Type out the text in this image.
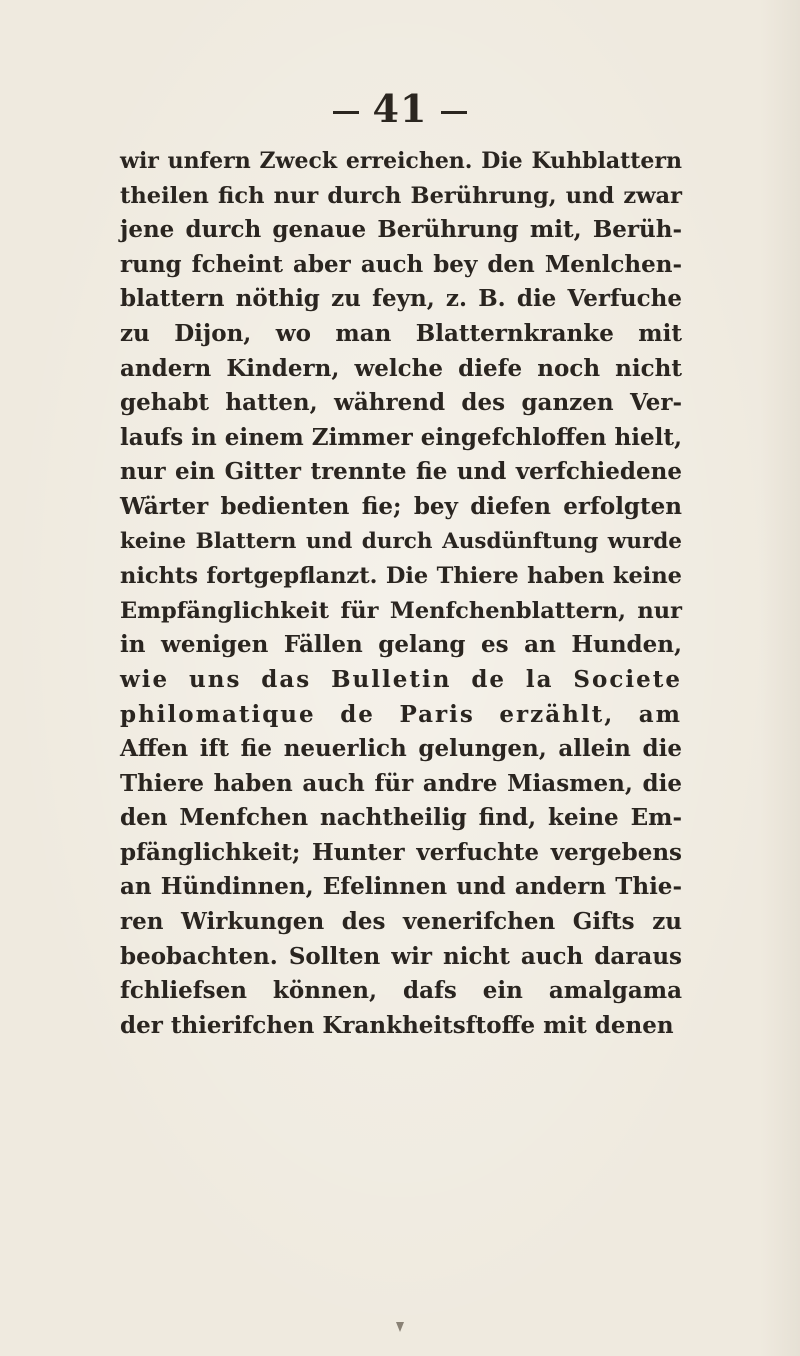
41
wir unfern Zweck erreichen. Die Kuhblattern
theilen fich nur durch Berührung, und zwar
jene durch genaue Berührung mit, Berüh-
rung fcheint aber auch bey den Menlchen-
blattern nöthig zu feyn, z. B. die Verfuche
zu Dijon, wo man Blatternkranke mit
andern Kindern, welche diefe noch nicht
gehabt hatten, während des ganzen Ver-
laufs in einem Zimmer eingefchloffen hielt,
nur ein Gitter trennte fie und verfchiedene
Wärter bedienten fie; bey diefen erfolgten
keine Blattern und durch Ausdünftung wurde
nichts fortgepflanzt. Die Thiere haben keine
Empfänglichkeit für Menfchenblattern, nur
in wenigen Fällen gelang es an Hunden,
wie uns das Bulletin de la Societe
philomatique de Paris erzählt, am
Affen ift fie neuerlich gelungen, allein die
Thiere haben auch für andre Miasmen, die
den Menfchen nachtheilig find, keine Em-
pfänglichkeit; Hunter verfuchte vergebens
an Hündinnen, Efelinnen und andern Thie-
ren Wirkungen des venerifchen Gifts zu
beobachten. Sollten wir nicht auch daraus
fchliefsen können, dafs ein amalgama
der thierifchen Krankheitsftoffe mit denen
